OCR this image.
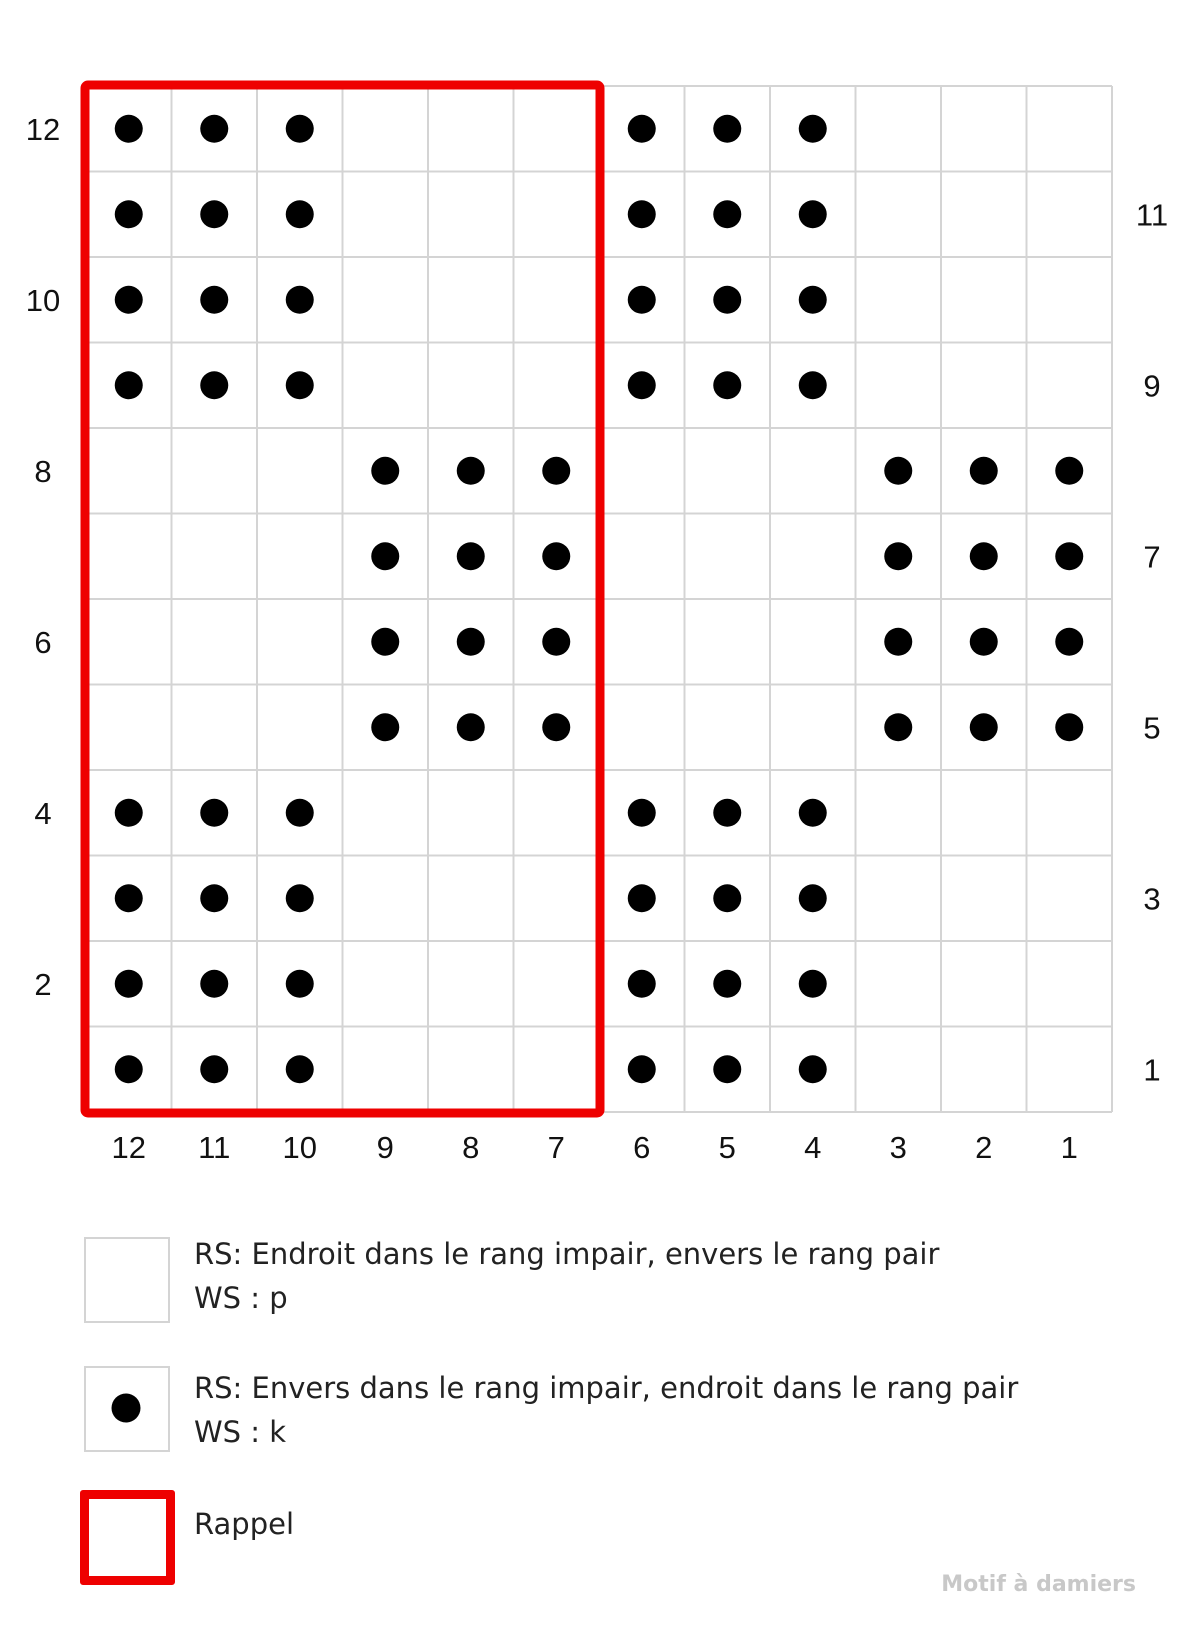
12 11 10 9 8 7 6 5 4 3 2 1
12
10
8
6
4
2
11
9
7
5
3
1
RS: Endroit dans le rang impair, envers le rang pair
WS : p
RS: Envers dans le rang impair, endroit dans le rang pair
WS : k
Rappel
Motif à damiers
